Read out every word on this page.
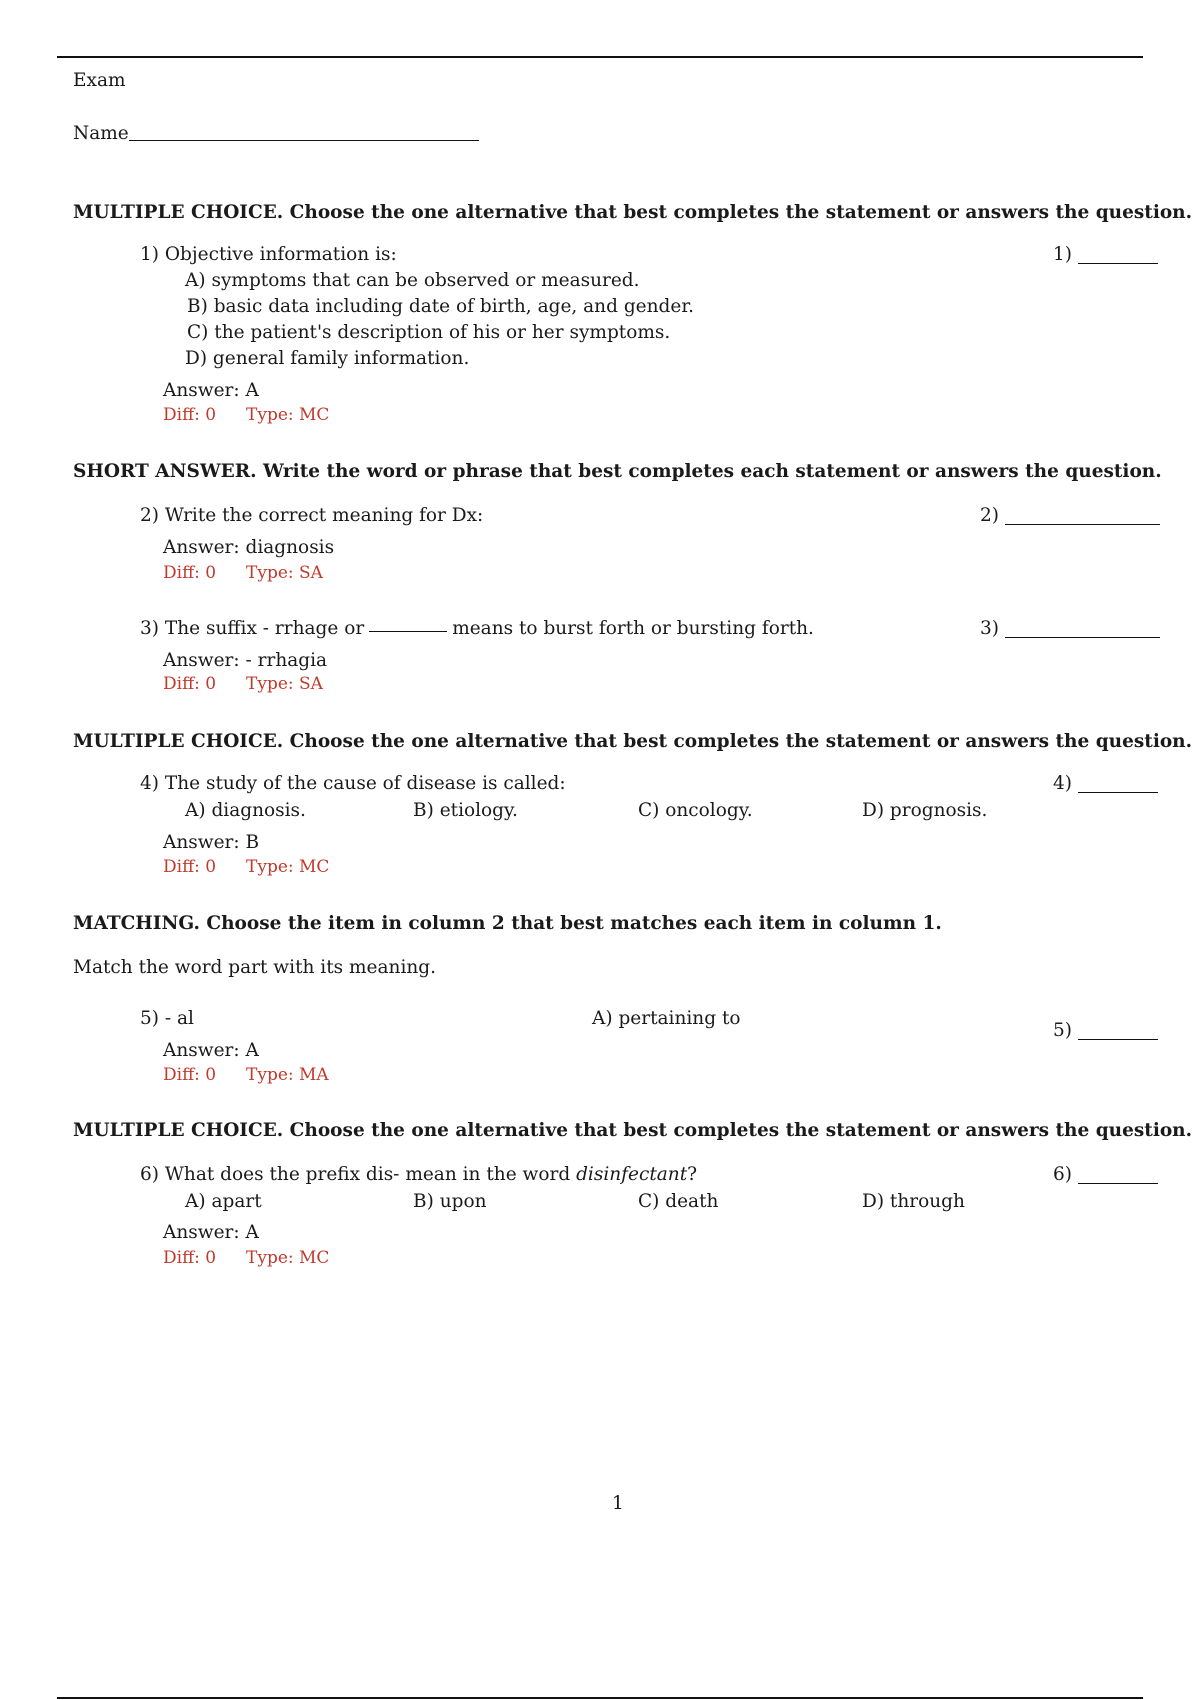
Exam
Name
MULTIPLE CHOICE. Choose the one alternative that best completes the statement or answers the question.
1) Objective information is:	1)
A) symptoms that can be observed or measured.
B) basic data including date of birth, age, and gender.
C) the patient's description of his or her symptoms.
D) general family information.
Answer: A
Diff: 0 Type: MC
SHORT ANSWER. Write the word or phrase that best completes each statement or answers the question.
2) Write the correct meaning for Dx:	2)
Answer: diagnosis
Diff: 0 Type: SA
3) The suffix - rrhage or	means to burst forth or bursting forth.	3)
Answer: - rrhagia
Diff: 0 Type: SA
MULTIPLE CHOICE. Choose the one alternative that best completes the statement or answers the question.
4) The study of the cause of disease is called:	4)
A) diagnosis.	B) etiology.	C) oncology.	D) prognosis.
Answer: B
Diff: 0 Type: MC
MATCHING. Choose the item in column 2 that best matches each item in column 1.
Match the word part with its meaning.
5) - al	A) pertaining to
5)
Answer: A
Diff: 0 Type: MA
MULTIPLE CHOICE. Choose the one alternative that best completes the statement or answers the question.
6) What does the prefix dis- mean in the word disinfectant?	6)
A) apart	B) upon	C) death	D) through
Answer: A
Diff: 0 Type: MC
1
